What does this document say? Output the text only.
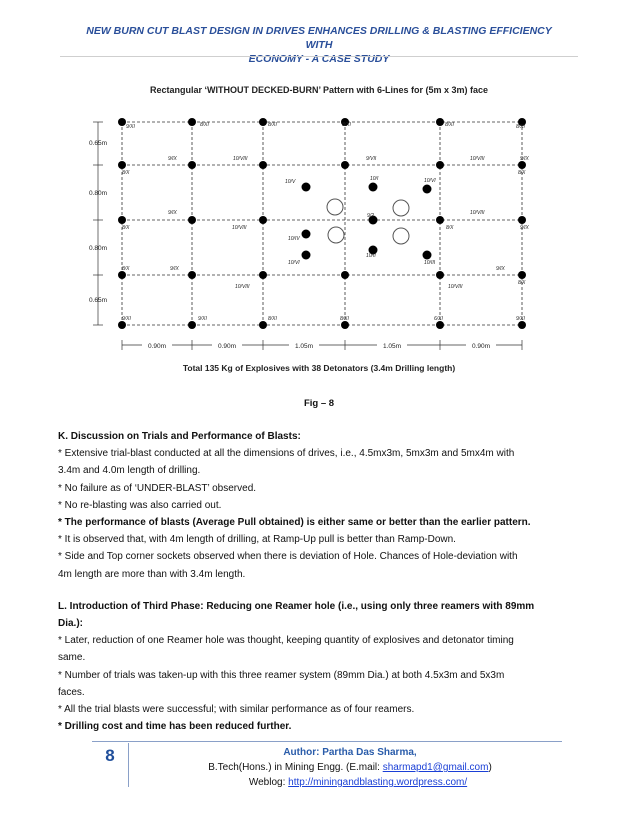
NEW BURN CUT BLAST DESIGN IN DRIVES ENHANCES DRILLING & BLASTING EFFICIENCY WITH
ECONOMY - A CASE STUDY
Rectangular ‘WITHOUT DECKED-BURN’ Pattern with 6-Lines for (5m x 3m) face
0.65m
0.80m
0.80m
0.65m
0.90m	0.90m	1.05m	1.05m	0.90m
9/XI	8/XI	8/XI	8/XI	8/XI	8/XI
9/IX	10/VIII	9/VII	10/VIII	9/IX
8/X	8/X
10/V	10/I	10/VI
9/2
10/IV
10/II
10/VI	10/III
9/IX
10/VIII
10/VIII
9/IX
8/X	8/X
8/X	9/IX
10/VIII	10/VIII
9/IX
8/X
9/XI	9/XI	8/XI	8/XI	6/XI	9/XI
Total 135 Kg of Explosives with 38 Detonators (3.4m Drilling length)
Fig – 8

K. Discussion on Trials and Performance of Blasts:

* Extensive trial-blast conducted at all the dimensions of drives, i.e., 4.5mx3m, 5mx3m and 5mx4m with

3.4m and 4.0m length of drilling.

* No failure as of ‘UNDER-BLAST’ observed.

* No re-blasting was also carried out.

* The performance of blasts (Average Pull obtained) is either same or better than the earlier pattern.

* It is observed that, with 4m length of drilling, at Ramp-Up pull is better than Ramp-Down.

* Side and Top corner sockets observed when there is deviation of Hole. Chances of Hole-deviation with

4m length are more than with 3.4m length.

L. Introduction of Third Phase: Reducing one Reamer hole (i.e., using only three reamers with 89mm

Dia.):

* Later, reduction of one Reamer hole was thought, keeping quantity of explosives and detonator timing

same.

* Number of trials was taken-up with this three reamer system (89mm Dia.) at both 4.5x3m and 5x3m

faces.

* All the trial blasts were successful; with similar performance as of four reamers.

* Drilling cost and time has been reduced further.

8	Author: Partha Das Sharma,
B.Tech(Hons.) in Mining Engg. (E.mail: sharmapd1@gmail.com)
Weblog: http://miningandblasting.wordpress.com/
